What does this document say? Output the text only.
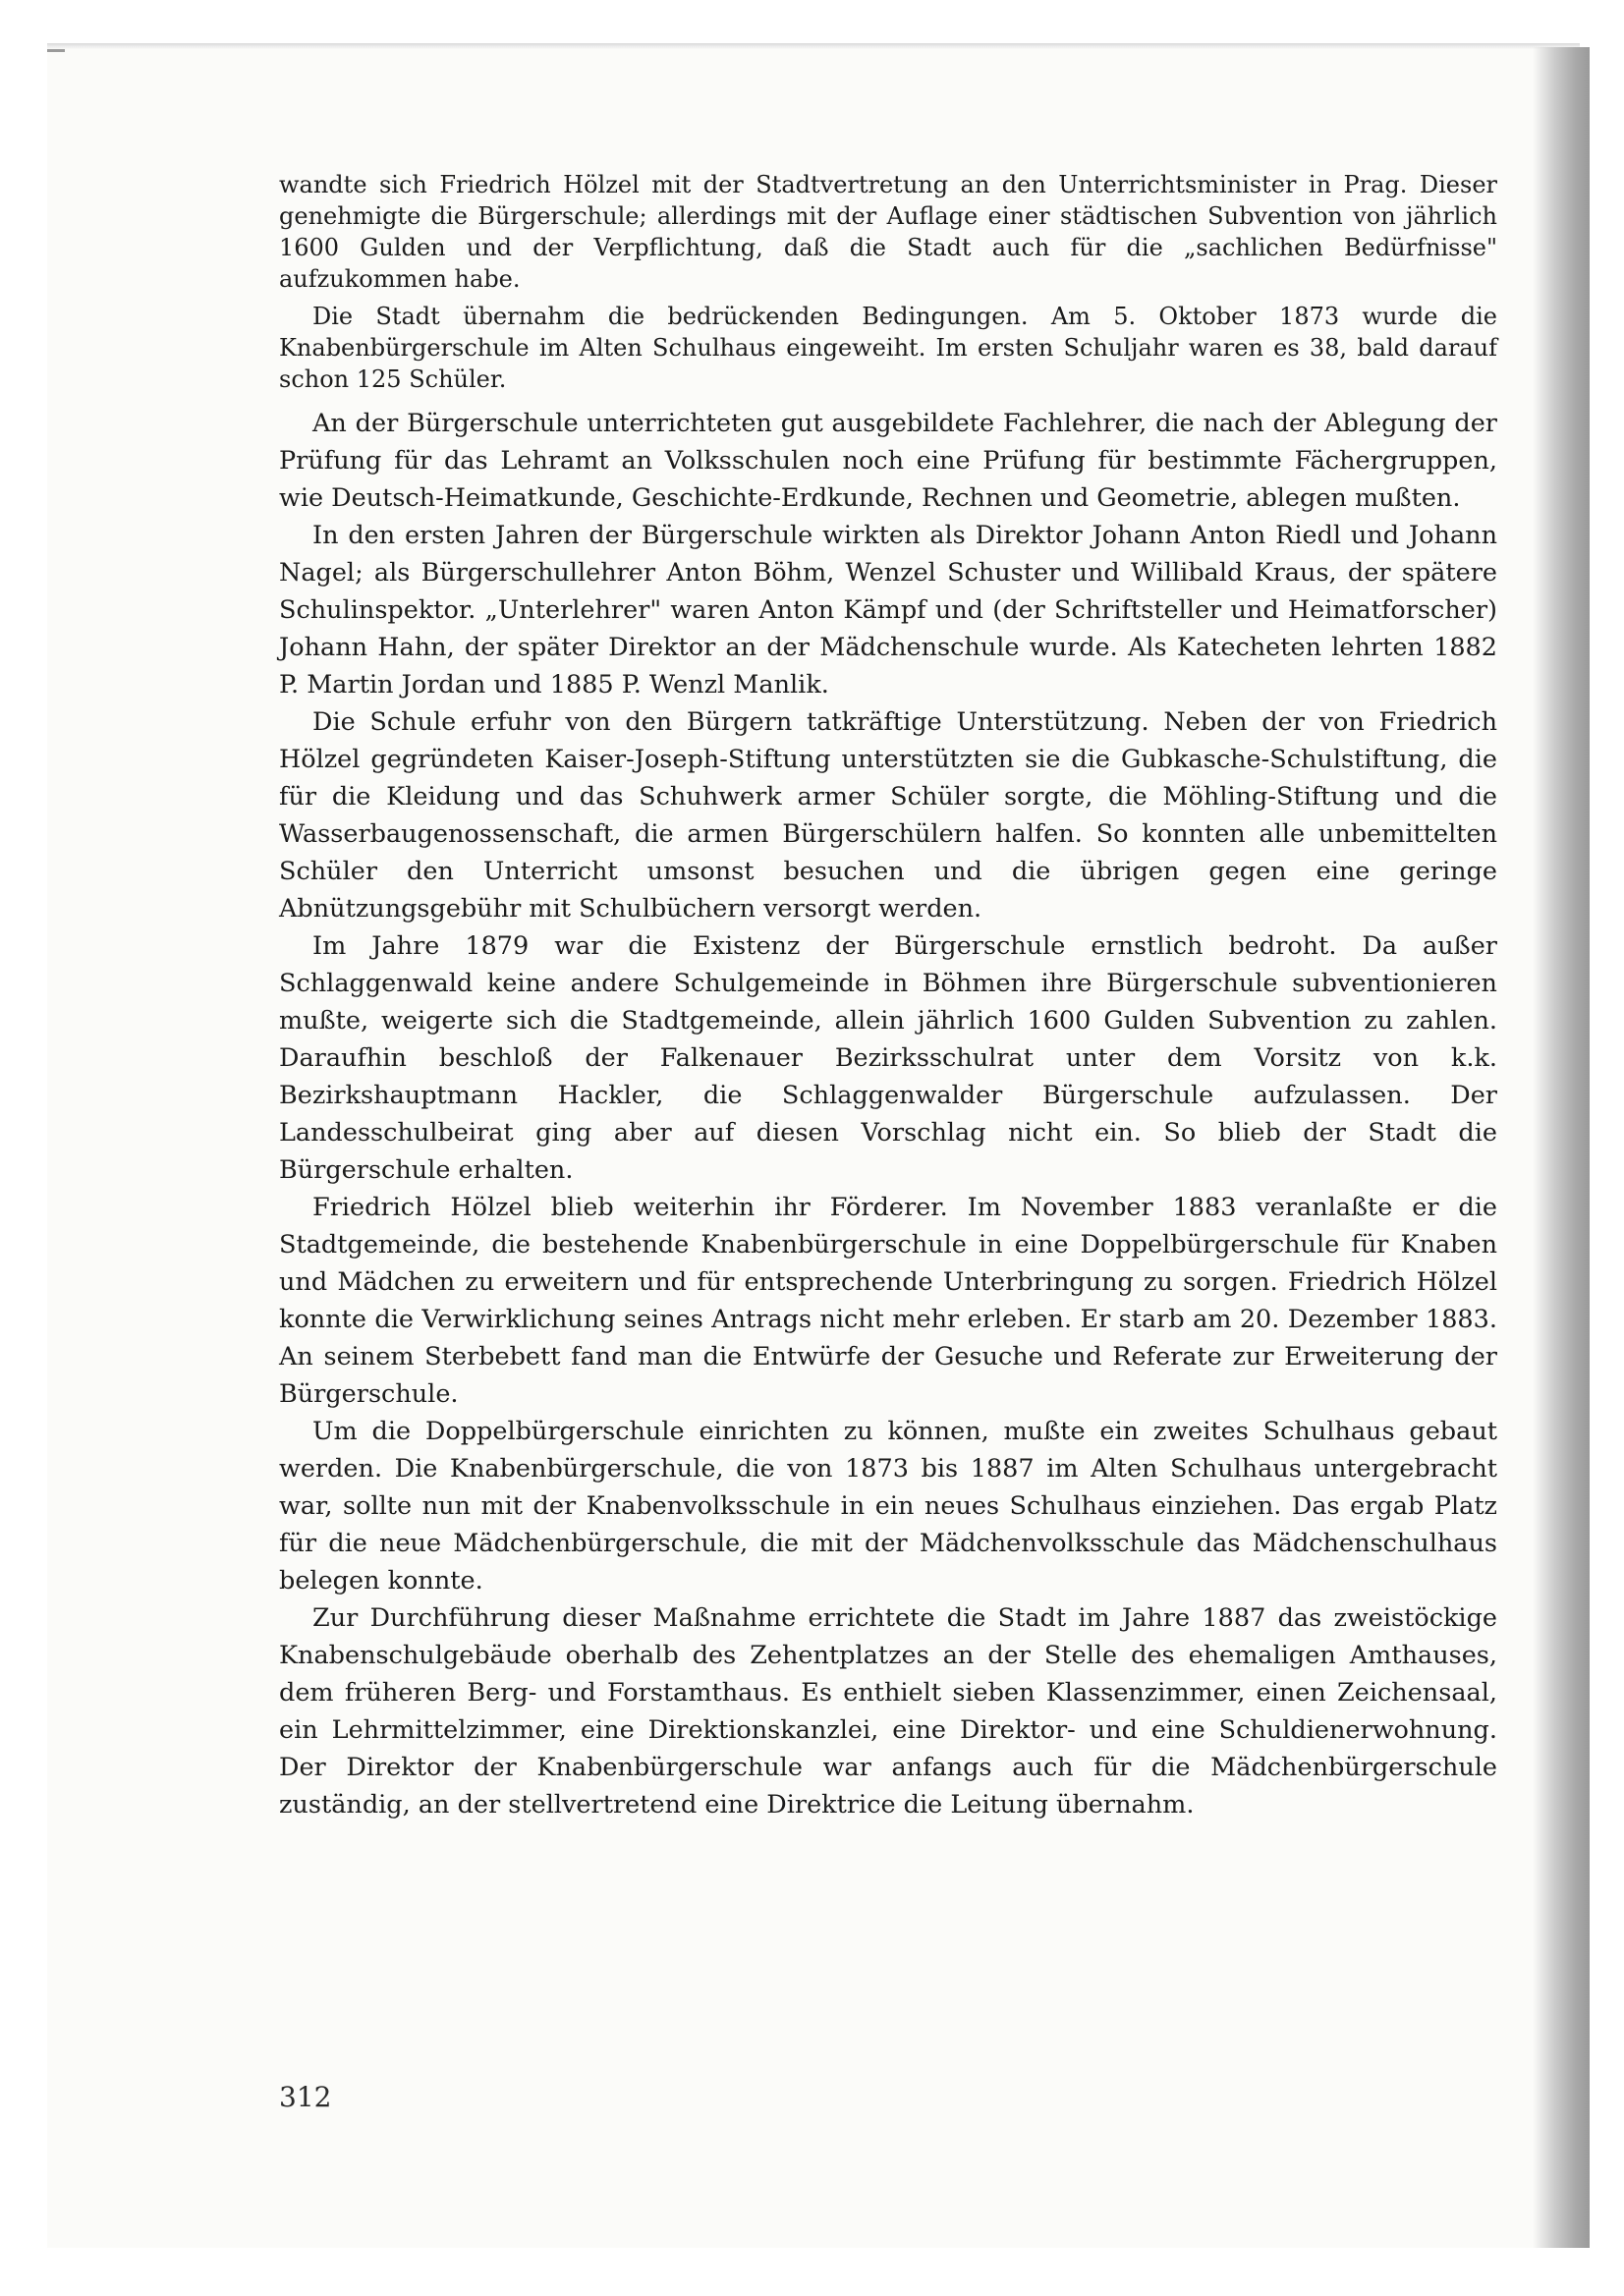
wandte sich Friedrich Hölzel mit der Stadtvertretung an den Unterrichtsminister in Prag. Dieser genehmigte die Bürgerschule; allerdings mit der Auflage einer städtischen Subvention von jährlich 1600 Gulden und der Verpflichtung, daß die Stadt auch für die „sachlichen Bedürfnisse" aufzukommen habe.

Die Stadt übernahm die bedrückenden Bedingungen. Am 5. Oktober 1873 wurde die Knabenbürgerschule im Alten Schulhaus eingeweiht. Im ersten Schuljahr waren es 38, bald darauf schon 125 Schüler.

An der Bürgerschule unterrichteten gut ausgebildete Fachlehrer, die nach der Ablegung der Prüfung für das Lehramt an Volksschulen noch eine Prüfung für bestimmte Fächergruppen, wie Deutsch-Heimatkunde, Geschichte-Erdkunde, Rechnen und Geometrie, ablegen mußten.

In den ersten Jahren der Bürgerschule wirkten als Direktor Johann Anton Riedl und Johann Nagel; als Bürgerschullehrer Anton Böhm, Wenzel Schuster und Willibald Kraus, der spätere Schulinspektor. „Unterlehrer" waren Anton Kämpf und (der Schriftsteller und Heimatforscher) Johann Hahn, der später Direktor an der Mädchenschule wurde. Als Katecheten lehrten 1882 P. Martin Jordan und 1885 P. Wenzl Manlik.

Die Schule erfuhr von den Bürgern tatkräftige Unterstützung. Neben der von Friedrich Hölzel gegründeten Kaiser-Joseph-Stiftung unterstützten sie die Gubkasche-Schulstiftung, die für die Kleidung und das Schuhwerk armer Schüler sorgte, die Möhling-Stiftung und die Wasserbaugenossenschaft, die armen Bürgerschülern halfen. So konnten alle unbemittelten Schüler den Unterricht umsonst besuchen und die übrigen gegen eine geringe Abnützungsgebühr mit Schulbüchern versorgt werden.

Im Jahre 1879 war die Existenz der Bürgerschule ernstlich bedroht. Da außer Schlaggenwald keine andere Schulgemeinde in Böhmen ihre Bürgerschule subventionieren mußte, weigerte sich die Stadtgemeinde, allein jährlich 1600 Gulden Subvention zu zahlen. Daraufhin beschloß der Falkenauer Bezirksschulrat unter dem Vorsitz von k.k. Bezirkshauptmann Hackler, die Schlaggenwalder Bürgerschule aufzulassen. Der Landesschulbeirat ging aber auf diesen Vorschlag nicht ein. So blieb der Stadt die Bürgerschule erhalten.

Friedrich Hölzel blieb weiterhin ihr Förderer. Im November 1883 veranlaßte er die Stadtgemeinde, die bestehende Knabenbürgerschule in eine Doppelbürgerschule für Knaben und Mädchen zu erweitern und für entsprechende Unterbringung zu sorgen. Friedrich Hölzel konnte die Verwirklichung seines Antrags nicht mehr erleben. Er starb am 20. Dezember 1883. An seinem Sterbebett fand man die Entwürfe der Gesuche und Referate zur Erweiterung der Bürgerschule.

Um die Doppelbürgerschule einrichten zu können, mußte ein zweites Schulhaus gebaut werden. Die Knabenbürgerschule, die von 1873 bis 1887 im Alten Schulhaus untergebracht war, sollte nun mit der Knabenvolksschule in ein neues Schulhaus einziehen. Das ergab Platz für die neue Mädchenbürgerschule, die mit der Mädchenvolksschule das Mädchenschulhaus belegen konnte.

Zur Durchführung dieser Maßnahme errichtete die Stadt im Jahre 1887 das zweistöckige Knabenschulgebäude oberhalb des Zehentplatzes an der Stelle des ehemaligen Amthauses, dem früheren Berg- und Forstamthaus. Es enthielt sieben Klassenzimmer, einen Zeichensaal, ein Lehrmittelzimmer, eine Direktionskanzlei, eine Direktor- und eine Schuldienerwohnung. Der Direktor der Knabenbürgerschule war anfangs auch für die Mädchenbürgerschule zuständig, an der stellvertretend eine Direktrice die Leitung übernahm.

312
